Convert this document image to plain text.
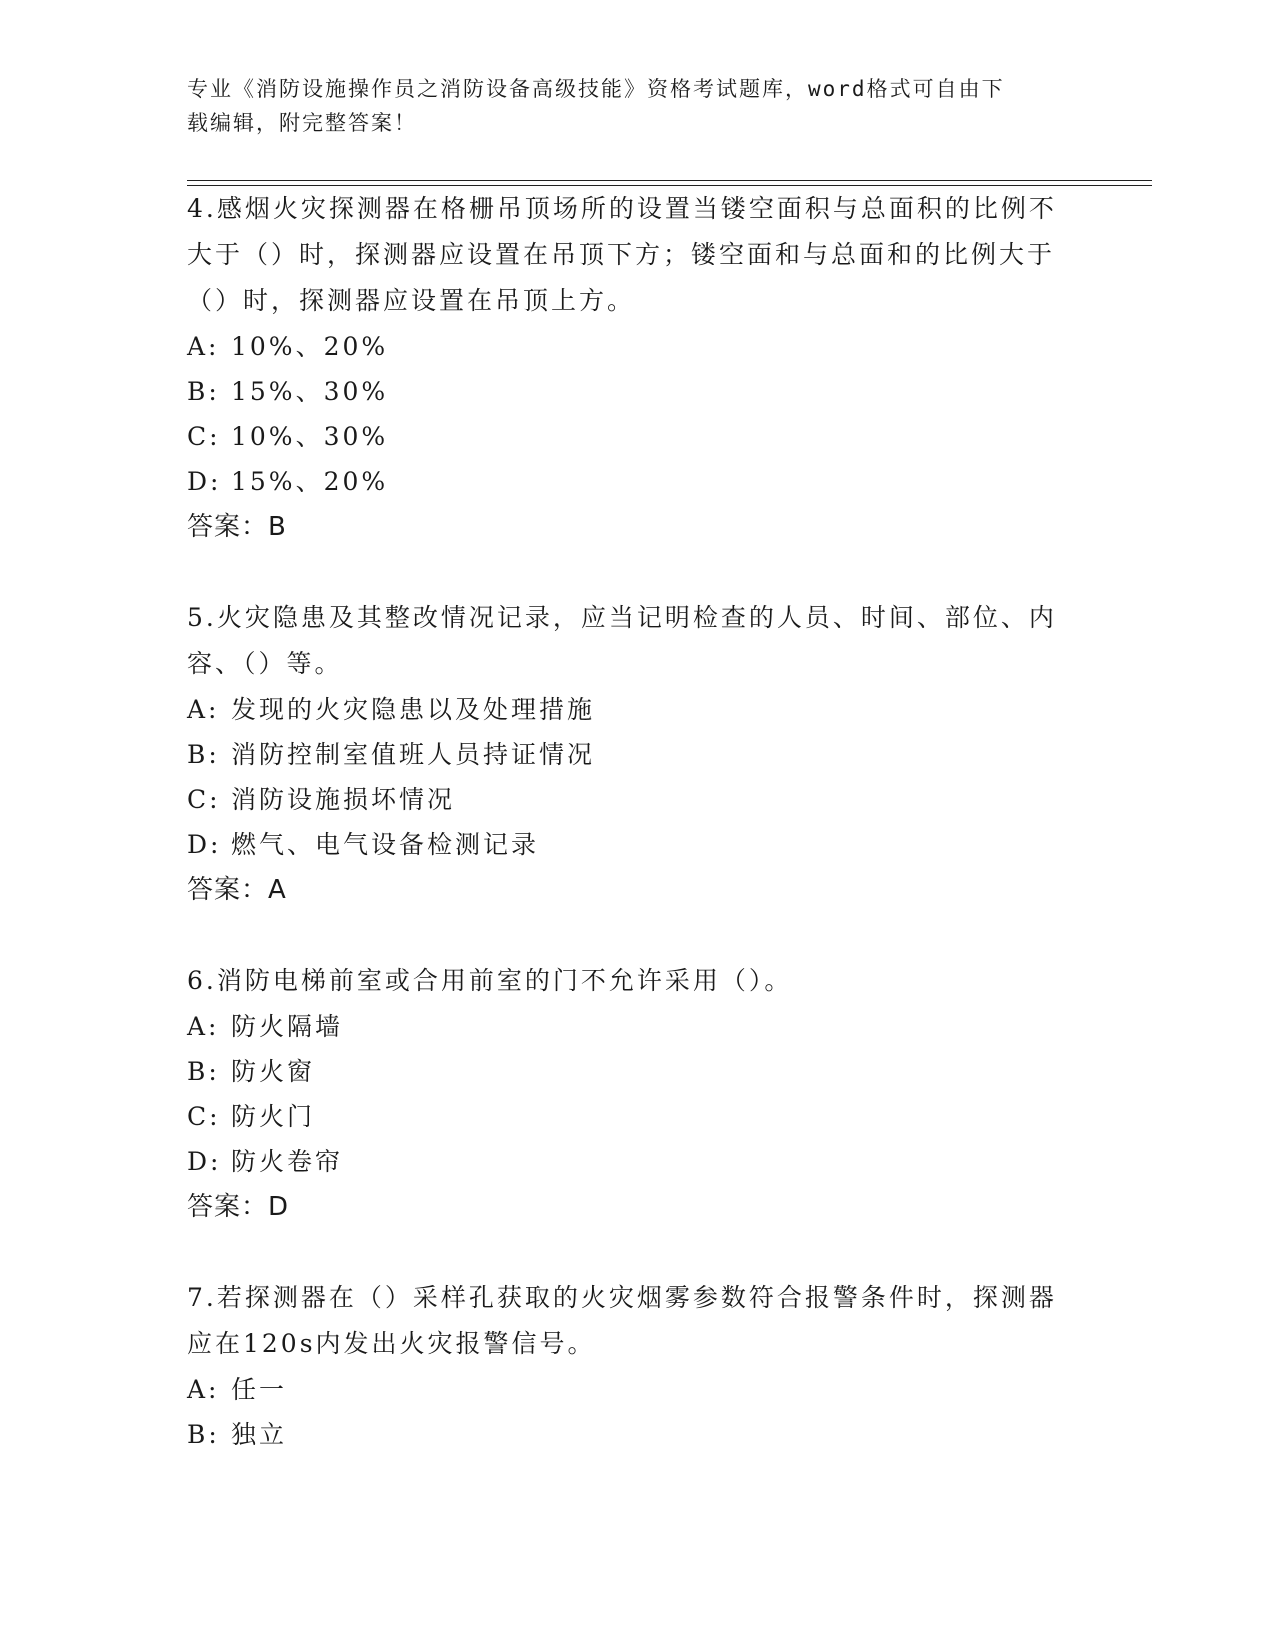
专业《消防设施操作员之消防设备高级技能》资格考试题库，word格式可自由下
载编辑，附完整答案！

4.感烟火灾探测器在格栅吊顶场所的设置当镂空面积与总面积的比例不大于（）时，探测器应设置在吊顶下方；镂空面和与总面和的比例大于（）时，探测器应设置在吊顶上方。

A: 10%、20%

B: 15%、30%

C: 10%、30%

D: 15%、20%

答案：B

5.火灾隐患及其整改情况记录，应当记明检查的人员、时间、部位、内容、（）等。

A: 发现的火灾隐患以及处理措施

B: 消防控制室值班人员持证情况

C: 消防设施损坏情况

D: 燃气、电气设备检测记录

答案：A

6.消防电梯前室或合用前室的门不允许采用（）。

A: 防火隔墙

B: 防火窗

C: 防火门

D: 防火卷帘

答案：D

7.若探测器在（）采样孔获取的火灾烟雾参数符合报警条件时，探测器应在120s内发出火灾报警信号。

A: 任一

B: 独立
